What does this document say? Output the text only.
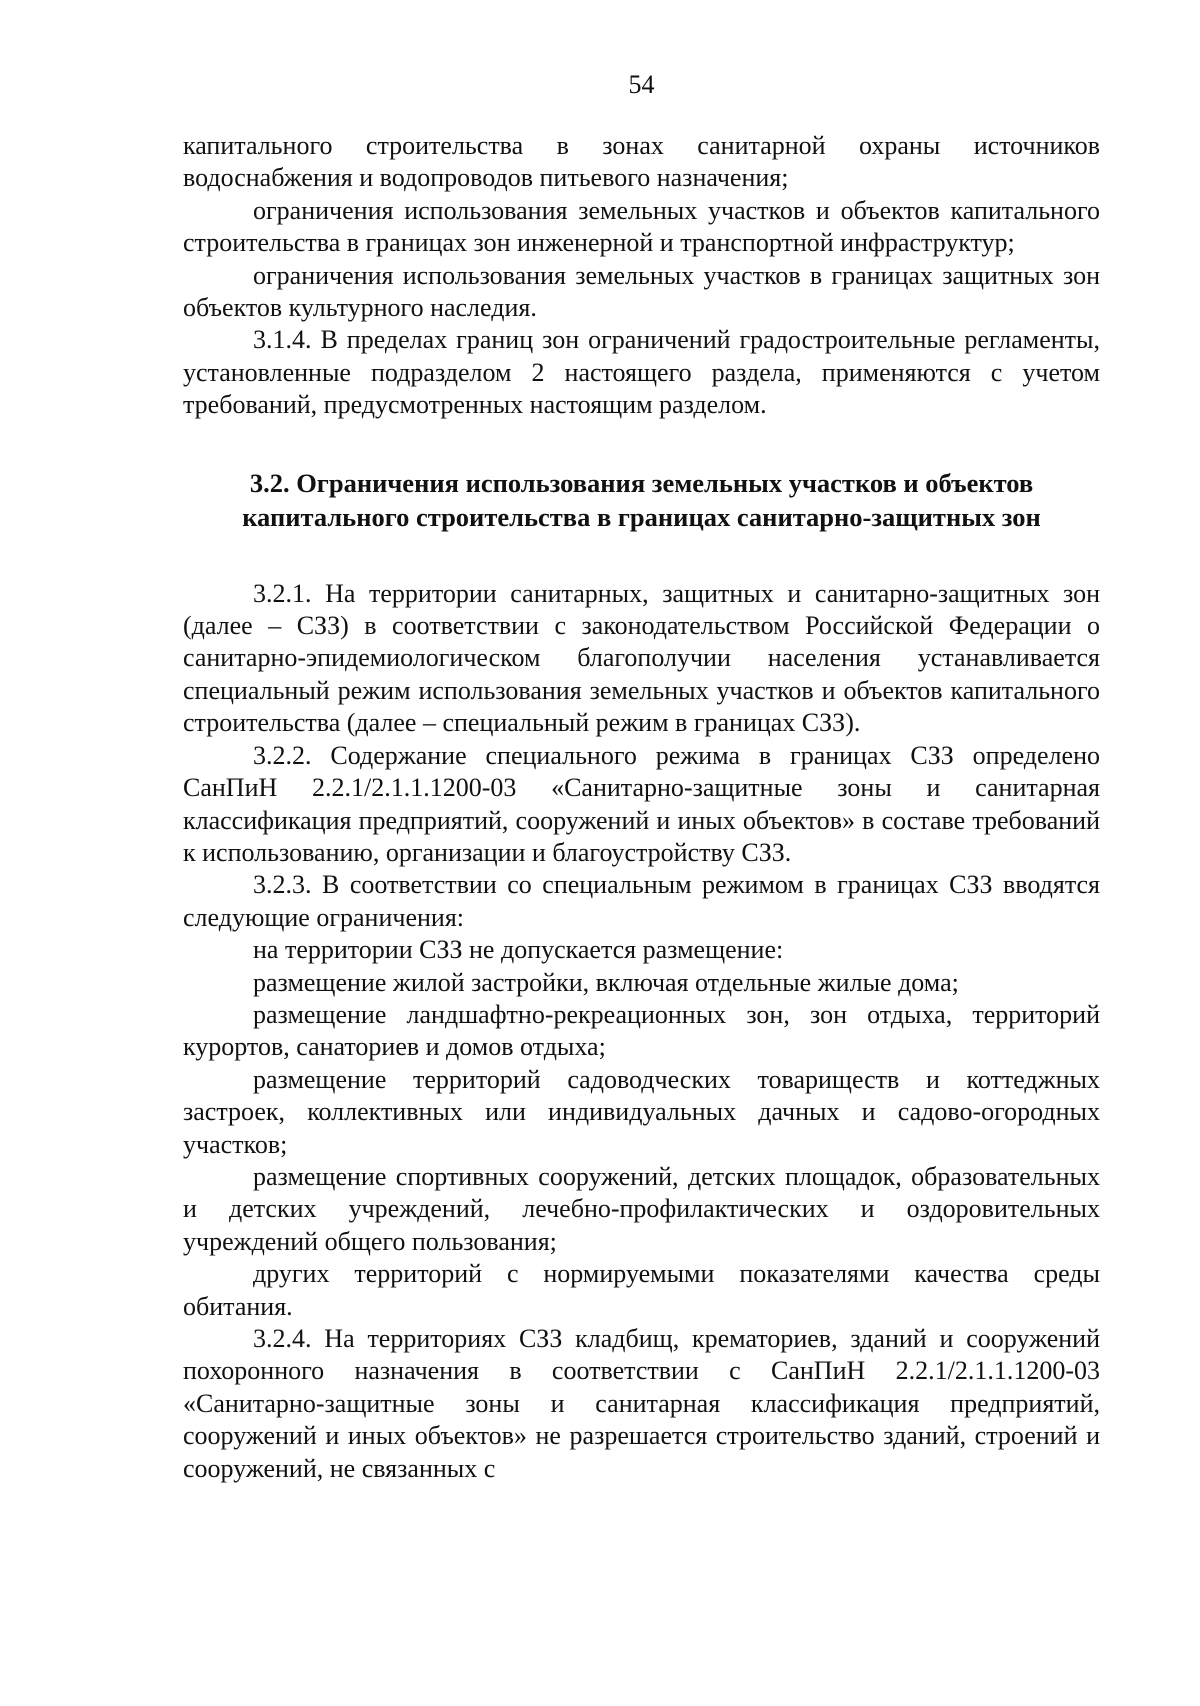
54

капитального строительства в зонах санитарной охраны источников водоснабжения и водопроводов питьевого назначения;

ограничения использования земельных участков и объектов капитального строительства в границах зон инженерной и транспортной инфраструктур;

ограничения использования земельных участков в границах защитных зон объектов культурного наследия.

3.1.4. В пределах границ зон ограничений градостроительные регламенты, установленные подразделом 2 настоящего раздела, применяются с учетом требований, предусмотренных настоящим разделом.

3.2. Ограничения использования земельных участков и объектов
капитального строительства в границах санитарно-защитных зон

3.2.1. На территории санитарных, защитных и санитарно-защитных зон (далее – СЗЗ) в соответствии с законодательством Российской Федерации о санитарно-эпидемиологическом благополучии населения устанавливается специальный режим использования земельных участков и объектов капитального строительства (далее – специальный режим в границах СЗЗ).

3.2.2. Содержание специального режима в границах СЗЗ определено СанПиН 2.2.1/2.1.1.1200-03 «Санитарно-защитные зоны и санитарная классификация предприятий, сооружений и иных объектов» в составе требований к использованию, организации и благоустройству СЗЗ.

3.2.3. В соответствии со специальным режимом в границах СЗЗ вводятся следующие ограничения:

на территории СЗЗ не допускается размещение:

размещение жилой застройки, включая отдельные жилые дома;

размещение ландшафтно-рекреационных зон, зон отдыха, территорий курортов, санаториев и домов отдыха;

размещение территорий садоводческих товариществ и коттеджных застроек, коллективных или индивидуальных дачных и садово-огородных участков;

размещение спортивных сооружений, детских площадок, образовательных и детских учреждений, лечебно-профилактических и оздоровительных учреждений общего пользования;

других территорий с нормируемыми показателями качества среды обитания.

3.2.4. На территориях СЗЗ кладбищ, крематориев, зданий и сооружений похоронного назначения в соответствии с СанПиН 2.2.1/2.1.1.1200-03 «Санитарно-защитные зоны и санитарная классификация предприятий, сооружений и иных объектов» не разрешается строительство зданий, строений и сооружений, не связанных с
